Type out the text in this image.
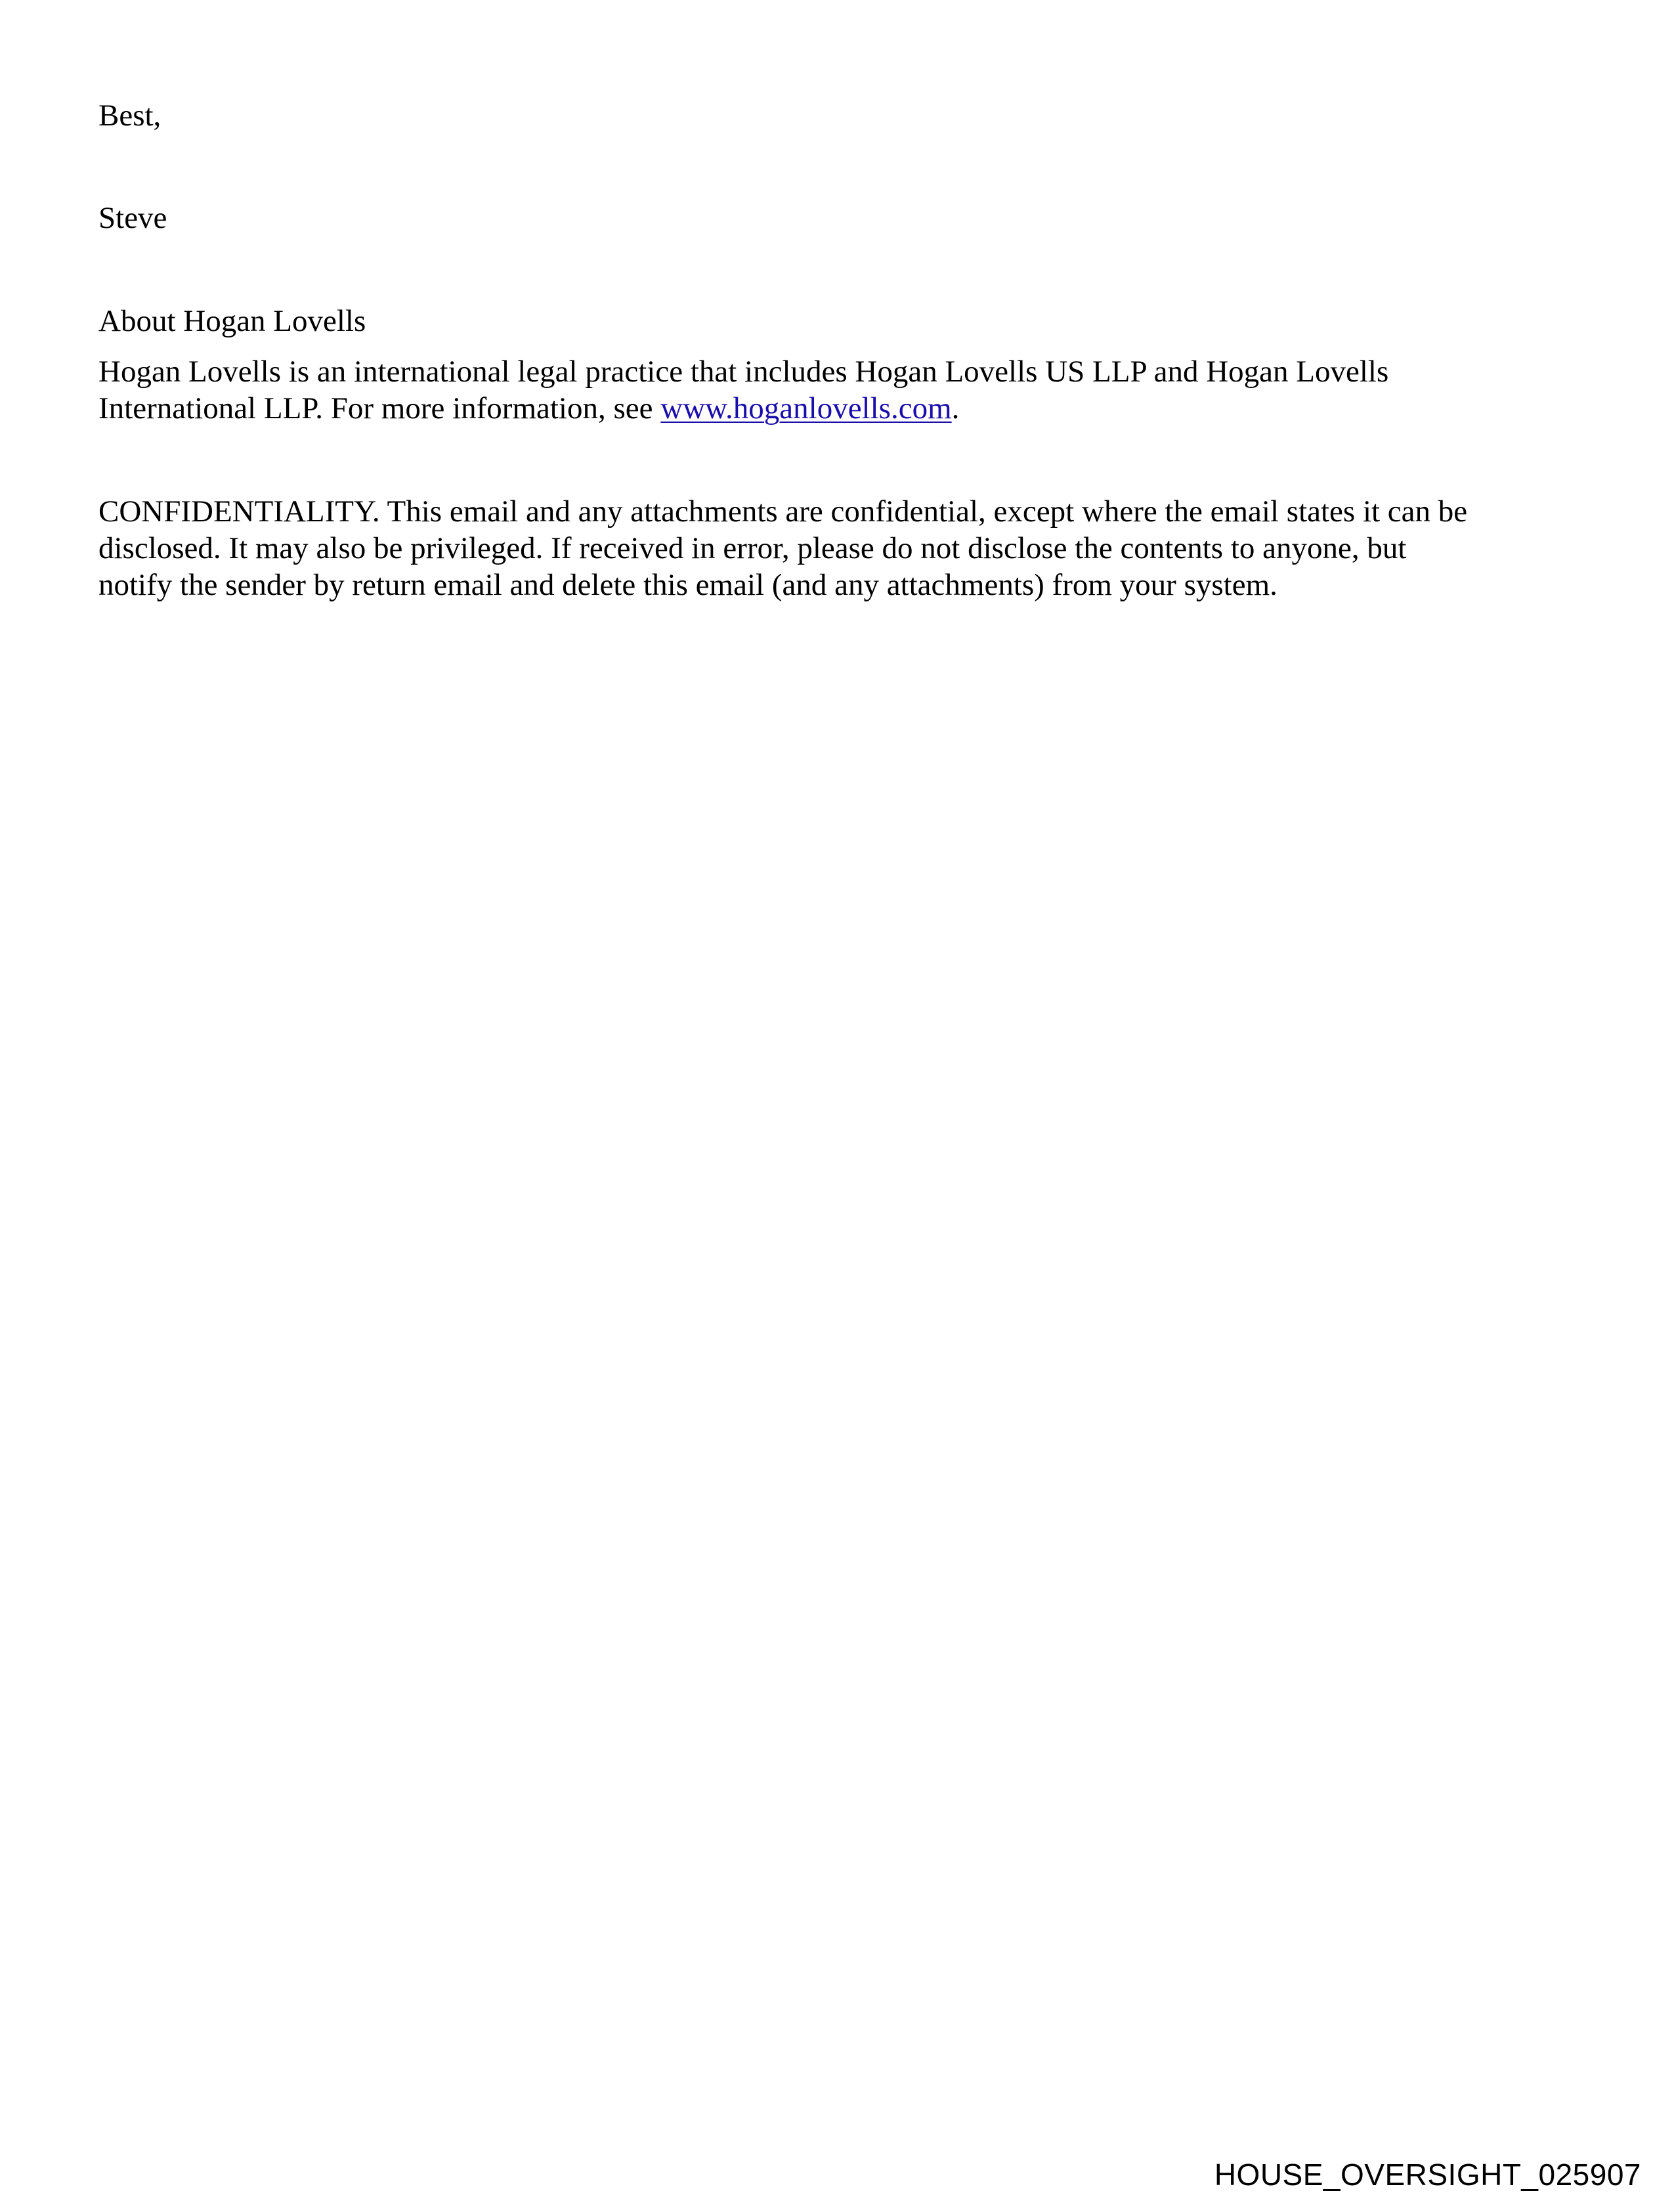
Best,
Steve
About Hogan Lovells
Hogan Lovells is an international legal practice that includes Hogan Lovells US LLP and Hogan Lovells
International LLP. For more information, see www.hoganlovells.com.
CONFIDENTIALITY. This email and any attachments are confidential, except where the email states it can be
disclosed. It may also be privileged. If received in error, please do not disclose the contents to anyone, but
notify the sender by return email and delete this email (and any attachments) from your system.
HOUSE_OVERSIGHT_025907
